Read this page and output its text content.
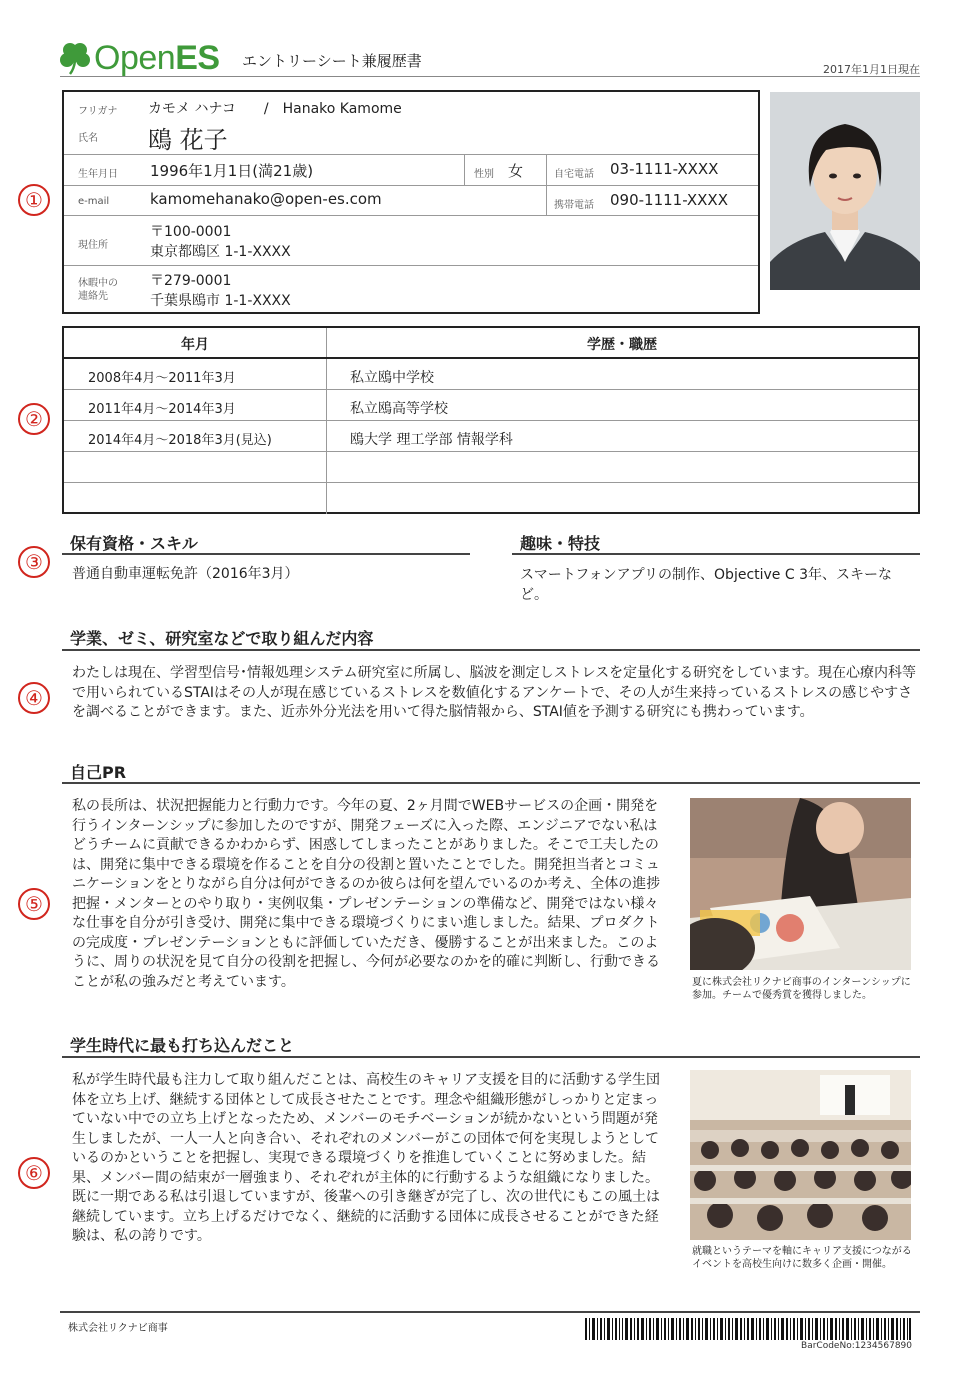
OpenES エントリーシート兼履歴書	2017年1月1日現在
①
②
③
④
⑤
⑥
フリガナ カモメ ハナコ　　/　Hanako Kamome
氏名 鴎 花子
生年月日 1996年1月1日(満21歳)	性別 女	自宅電話 03-1111-XXXX
e-mail	kamomehanako@open-es.com	携帯電話 090-1111-XXXX
現住所
〒100-0001
東京都鴎区 1-1-XXXX
休暇中の
連絡先
〒279-0001
千葉県鴎市 1-1-XXXX
年月	学歴・職歴
2008年4月～2011年3月	私立鴎中学校
2011年4月～2014年3月	私立鴎高等学校
2014年4月～2018年3月(見込)	鴎大学 理工学部 情報学科
保有資格・スキル
普通自動車運転免許（2016年3月）
趣味・特技
スマートフォンアプリの制作、Objective C 3年、スキーなど。
学業、ゼミ、研究室などで取り組んだ内容
わたしは現在、学習型信号･情報処理システム研究室に所属し、脳波を測定しストレスを定量化する研究をしています。現在心療内科等で用いられているSTAIはその人が現在感じているストレスを数値化するアンケートで、その人が生来持っているストレスの感じやすさを調べることができます。また、近赤外分光法を用いて得た脳情報から、STAI値を予測する研究にも携わっています。
自己PR
私の長所は、状況把握能力と行動力です。今年の夏、2ヶ月間でWEBサービスの企画・開発を行うインターンシップに参加したのですが、開発フェーズに入った際、エンジニアでない私はどうチームに貢献できるかわからず、困惑してしまったことがありました。そこで工夫したのは、開発に集中できる環境を作ることを自分の役割と置いたことでした。開発担当者とコミュニケーションをとりながら自分は何ができるのか彼らは何を望んでいるのか考え、全体の進捗把握・メンターとのやり取り・実例収集・プレゼンテーションの準備など、開発ではない様々な仕事を自分が引き受け、開発に集中できる環境づくりにまい進しました。結果、プロダクトの完成度・プレゼンテーションともに評価していただき、優勝することが出来ました。このように、周りの状況を見て自分の役割を把握し、今何が必要なのかを的確に判断し、行動できることが私の強みだと考えています。	夏に株式会社リクナビ商事のインターンシップに参加。チームで優秀賞を獲得しました。
学生時代に最も打ち込んだこと
私が学生時代最も注力して取り組んだことは、高校生のキャリア支援を目的に活動する学生団体を立ち上げ、継続する団体として成長させたことです。理念や組織形態がしっかりと定まっていない中での立ち上げとなったため、メンバーのモチベーションが続かないという問題が発生しましたが、一人一人と向き合い、それぞれのメンバーがこの団体で何を実現しようとしているのかということを把握し、実現できる環境づくりを推進していくことに努めました。結果、メンバー間の結束が一層強まり、それぞれが主体的に行動するような組織になりました。既に一期である私は引退していますが、後輩への引き継ぎが完了し、次の世代にもこの風土は継続しています。立ち上げるだけでなく、継続的に活動する団体に成長させることができた経験は、私の誇りです。
就職というテーマを軸にキャリア支援につながるイベントを高校生向けに数多く企画・開催。
株式会社リクナビ商事
BarCodeNo:1234567890
